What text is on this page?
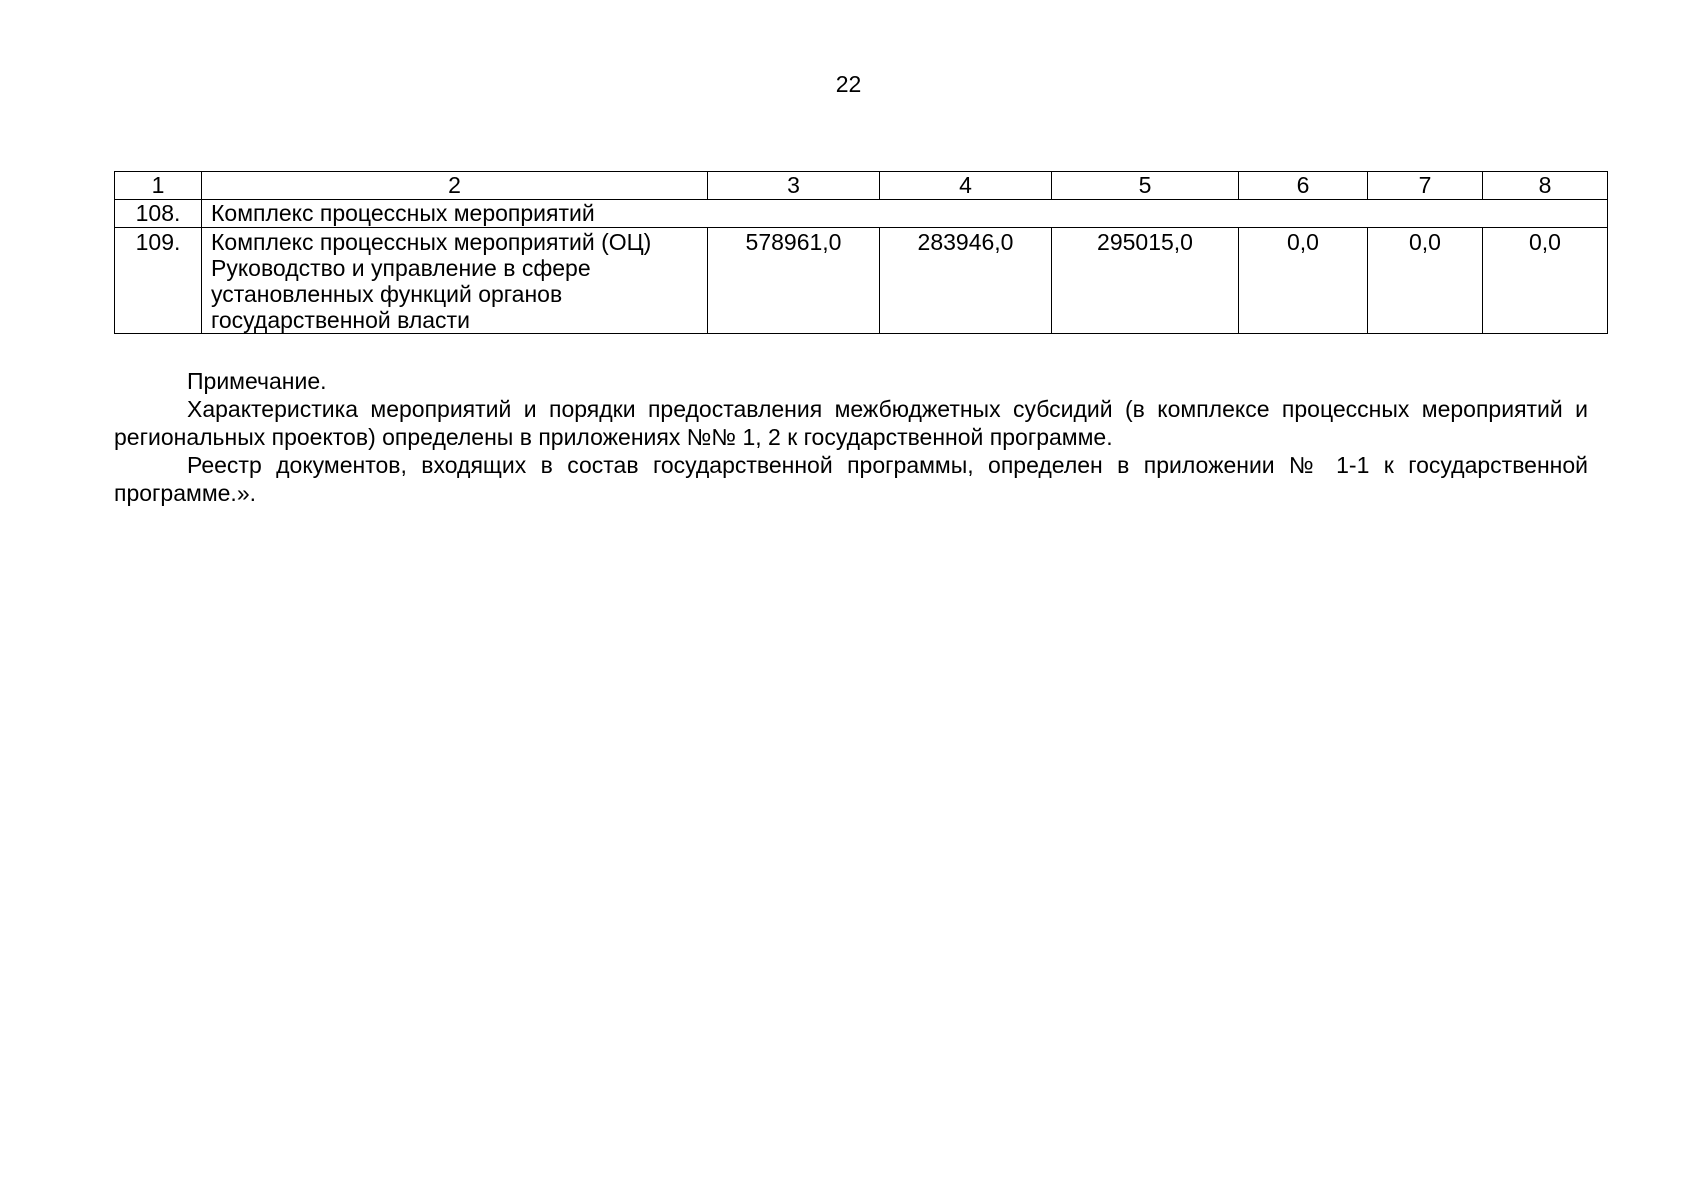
22
1	2	3	4	5	6	7	8
108.	Комплекс процессных мероприятий						
109.	Комплекс процессных мероприятий (ОЦ)
Руководство и управление в сфере
установленных функций органов
государственной власти	578961,0	283946,0	295015,0	0,0	0,0	0,0

Примечание.

Характеристика мероприятий и порядки предоставления межбюджетных субсидий (в комплексе процессных мероприятий и региональных проектов) определены в приложениях №№ 1, 2 к государственной программе.

Реестр документов, входящих в состав государственной программы, определен в приложении № 1-1 к государственной программе.».
